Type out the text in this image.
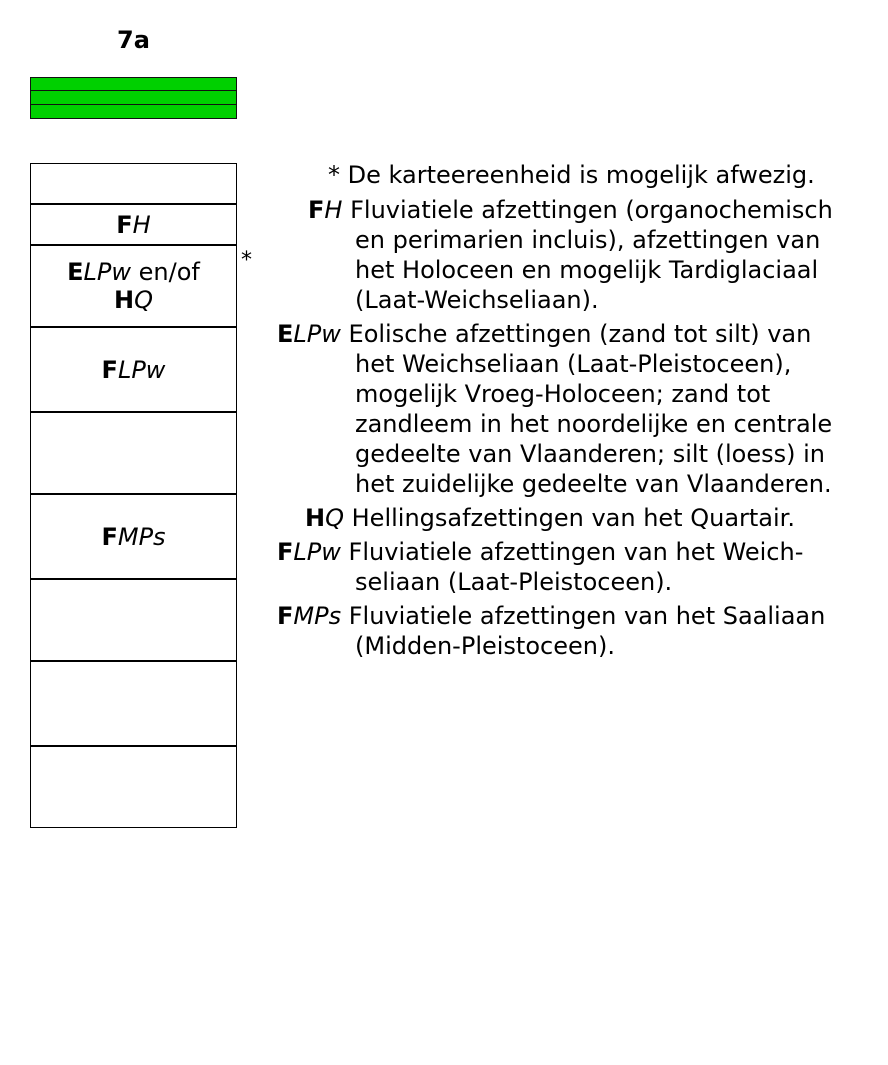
7a
FH
ELPw en/of
HQ
FLPw
FMPs
*
* De karteereenheid is mogelijk afwezig.
FH Fluviatiele afzettingen (organochemisch
en perimarien incluis), afzettingen van
het Holoceen en mogelijk Tardiglaciaal
(Laat-Weichseliaan).
ELPw Eolische afzettingen (zand tot silt) van
het Weichseliaan (Laat-Pleistoceen),
mogelijk Vroeg-Holoceen; zand tot
zandleem in het noordelijke en centrale
gedeelte van Vlaanderen; silt (loess) in
het zuidelijke gedeelte van Vlaanderen.
HQ Hellingsafzettingen van het Quartair.
FLPw Fluviatiele afzettingen van het Weich-
seliaan (Laat-Pleistoceen).
FMPs Fluviatiele afzettingen van het Saaliaan
(Midden-Pleistoceen).
